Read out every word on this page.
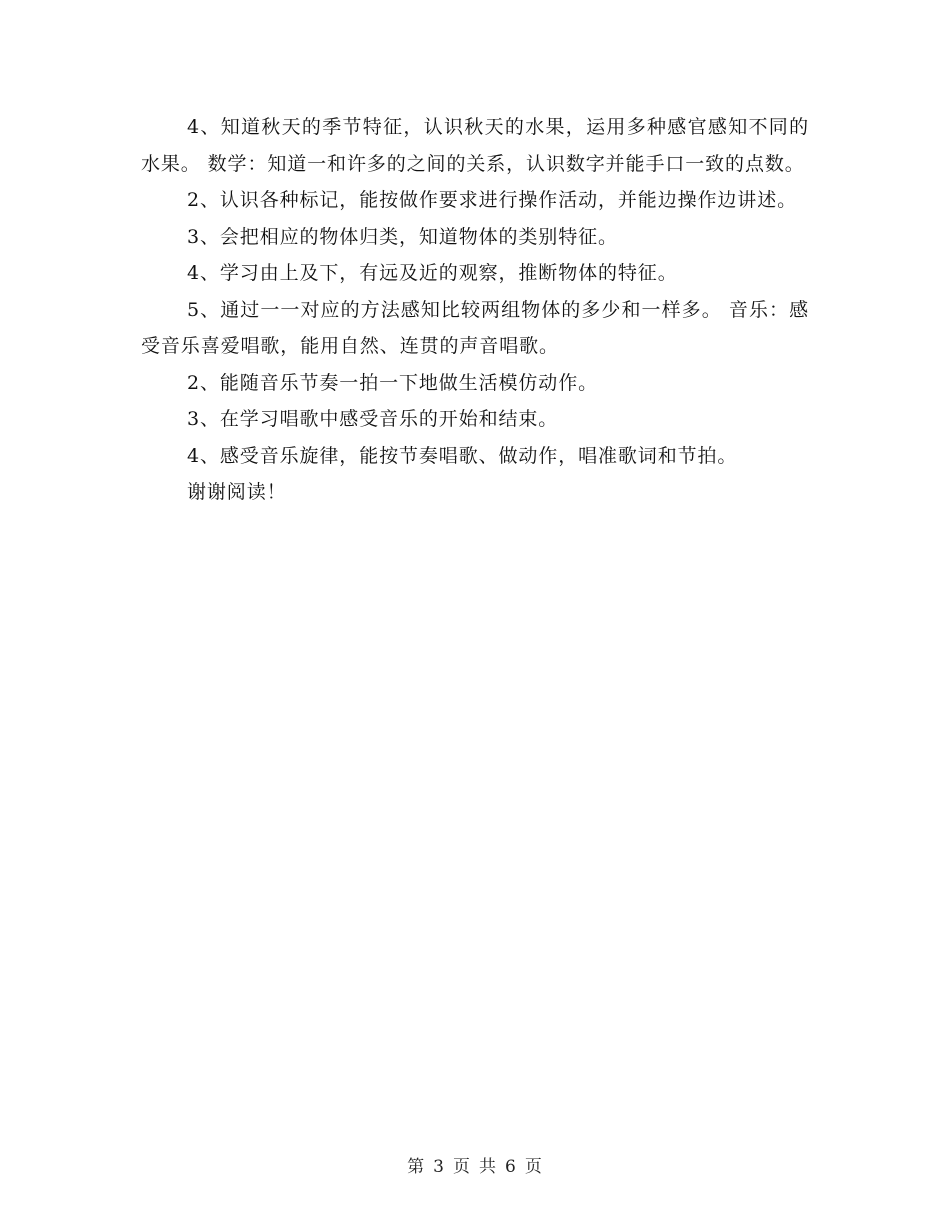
4、知道秋天的季节特征，认识秋天的水果，运用多种感官感知不同的水果。 数学：知道一和许多的之间的关系，认识数字并能手口一致的点数。

2、认识各种标记，能按做作要求进行操作活动，并能边操作边讲述。

3、会把相应的物体归类，知道物体的类别特征。

4、学习由上及下，有远及近的观察，推断物体的特征。

5、通过一一对应的方法感知比较两组物体的多少和一样多。 音乐：感受音乐喜爱唱歌，能用自然、连贯的声音唱歌。

2、能随音乐节奏一拍一下地做生活模仿动作。

3、在学习唱歌中感受音乐的开始和结束。

4、感受音乐旋律，能按节奏唱歌、做动作，唱准歌词和节拍。

谢谢阅读！

第 3 页 共 6 页
